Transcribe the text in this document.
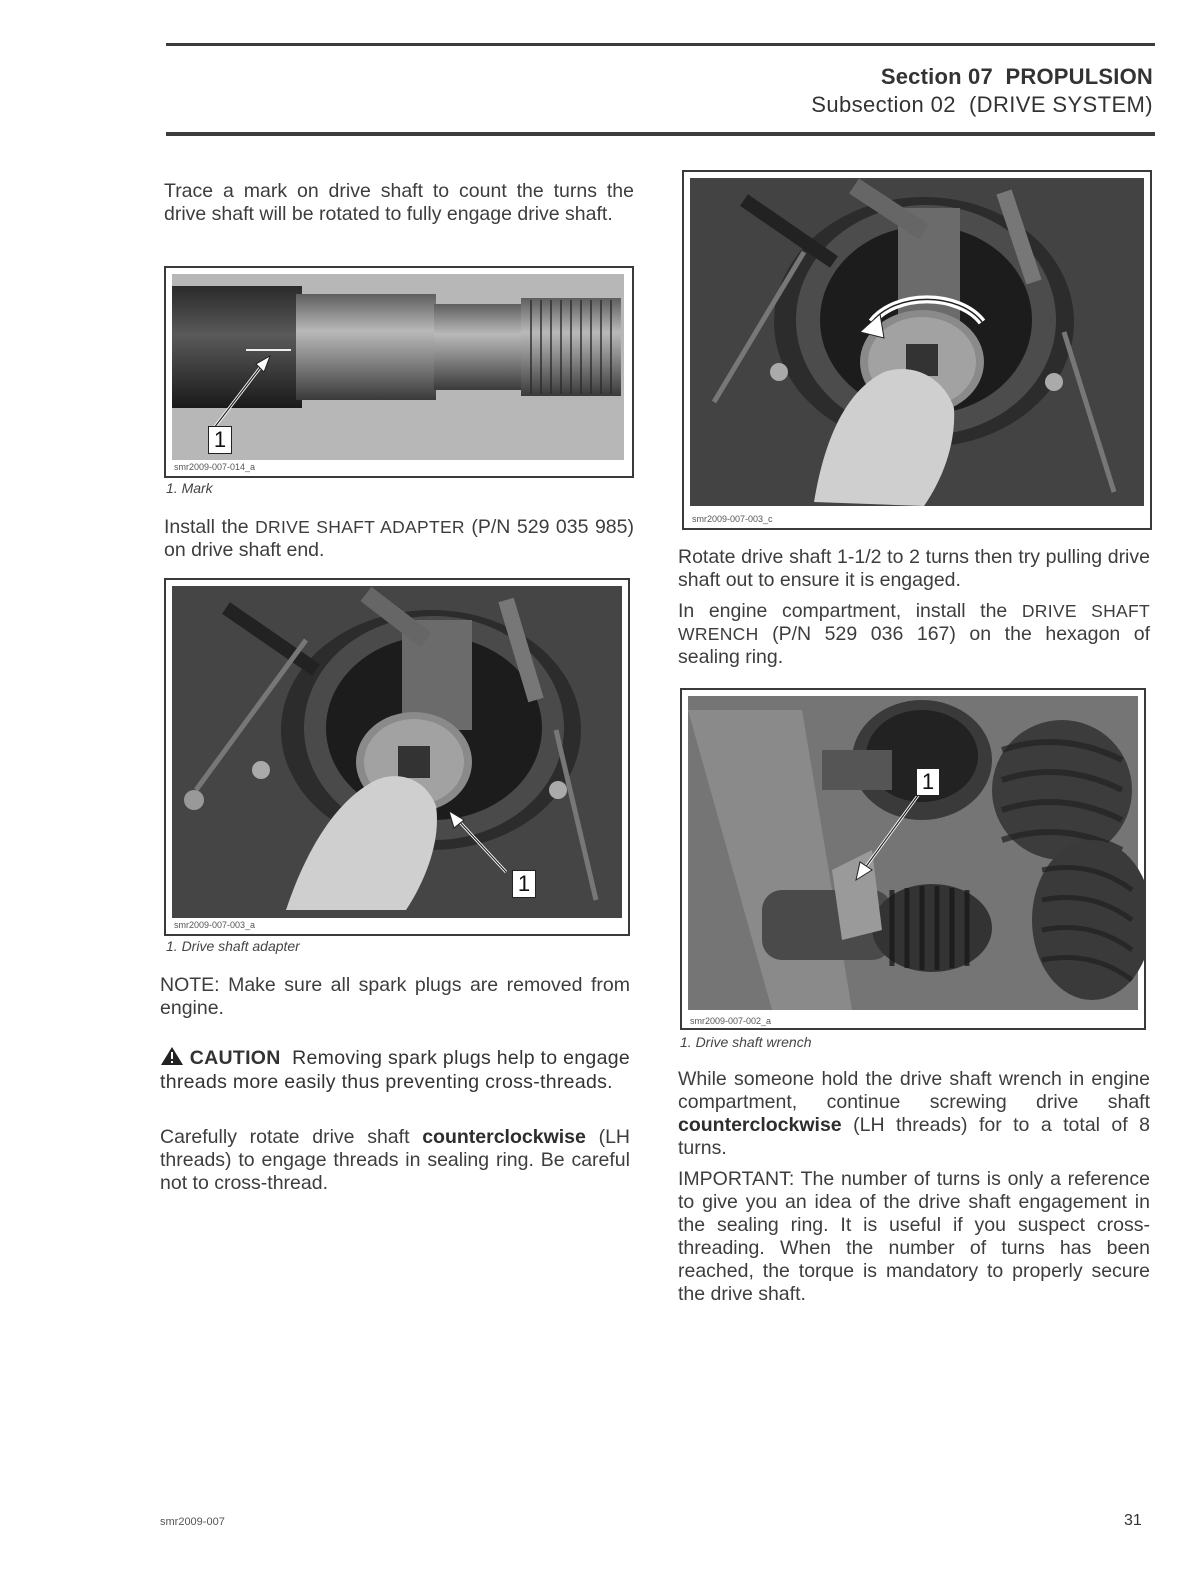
Section 07 PROPULSION
Subsection 02 (DRIVE SYSTEM)
Trace a mark on drive shaft to count the turns the drive shaft will be rotated to fully engage drive shaft.
1
smr2009-007-014_a
1. Mark
Install the DRIVE SHAFT ADAPTER (P/N 529 035 985) on drive shaft end.
1
smr2009-007-003_a
1. Drive shaft adapter
NOTE: Make sure all spark plugs are removed from engine.
CAUTION  Removing spark plugs help to engage threads more easily thus preventing cross-threads.
Carefully rotate drive shaft counterclockwise (LH threads) to engage threads in sealing ring. Be careful not to cross-thread.
smr2009-007-003_c
Rotate drive shaft 1-1/2 to 2 turns then try pulling drive shaft out to ensure it is engaged.
In engine compartment, install the DRIVE SHAFT WRENCH (P/N 529 036 167) on the hexagon of sealing ring.
1
smr2009-007-002_a
1. Drive shaft wrench
While someone hold the drive shaft wrench in engine compartment, continue screwing drive shaft counterclockwise (LH threads) for to a total of 8 turns.
IMPORTANT: The number of turns is only a reference to give you an idea of the drive shaft engagement in the sealing ring. It is useful if you suspect cross-threading. When the number of turns has been reached, the torque is mandatory to properly secure the drive shaft.
smr2009-007	31
